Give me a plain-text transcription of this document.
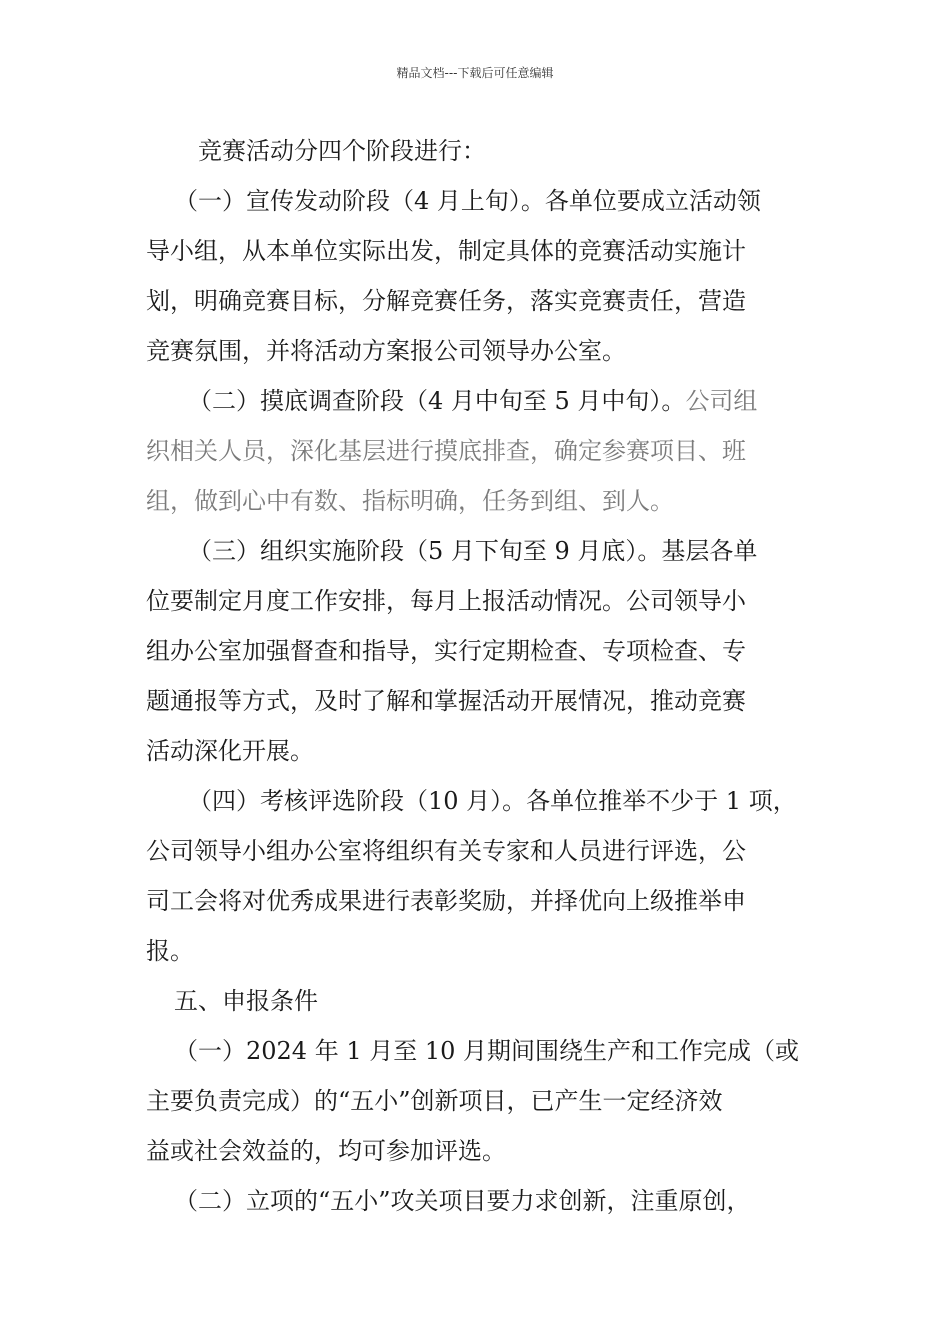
精品文档---下载后可任意编辑
竞赛活动分四个阶段进行：
（一）宣传发动阶段（4 月上旬）。各单位要成立活动领
导小组，从本单位实际出发，制定具体的竞赛活动实施计
划，明确竞赛目标，分解竞赛任务，落实竞赛责任，营造
竞赛氛围，并将活动方案报公司领导办公室。
（二）摸底调查阶段（4 月中旬至 5 月中旬）。公司组
织相关人员，深化基层进行摸底排查，确定参赛项目、班
组，做到心中有数、指标明确，任务到组、到人。
（三）组织实施阶段（5 月下旬至 9 月底）。基层各单
位要制定月度工作安排，每月上报活动情况。公司领导小
组办公室加强督查和指导，实行定期检查、专项检查、专
题通报等方式，及时了解和掌握活动开展情况，推动竞赛
活动深化开展。
（四）考核评选阶段（10 月）。各单位推举不少于 1 项，
公司领导小组办公室将组织有关专家和人员进行评选，公
司工会将对优秀成果进行表彰奖励，并择优向上级推举申
报。
五、申报条件
（一）2024 年 1 月至 10 月期间围绕生产和工作完成（或
主要负责完成）的“五小”创新项目，已产生一定经济效
益或社会效益的，均可参加评选。
（二）立项的“五小”攻关项目要力求创新，注重原创，
